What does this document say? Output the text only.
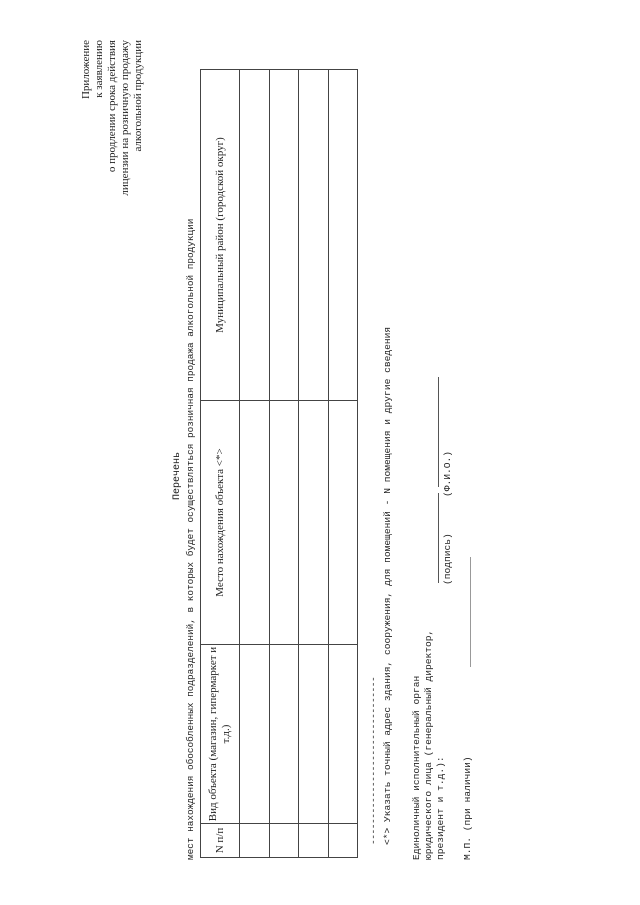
Приложение к заявлению о продлении срока действия лицензии на розничную продажу алкогольной продукции
Перечень мест нахождения обособленных подразделений, в которых будет осуществляться розничная продажа алкогольной продукции N п/п	Вид объекта (магазин, гипермаркет и т.д.)	Место нахождения объекта <*>	Муниципальный район (городской округ)

-------------------------------- <*> Указать точный адрес здания, сооружения, для помещений - N помещения и другие сведения Единоличный исполнительный орган юридического лица (генеральный директор, президент и т.д.):
(подпись)
(Ф.И.О.)
М.П. (при наличии)
